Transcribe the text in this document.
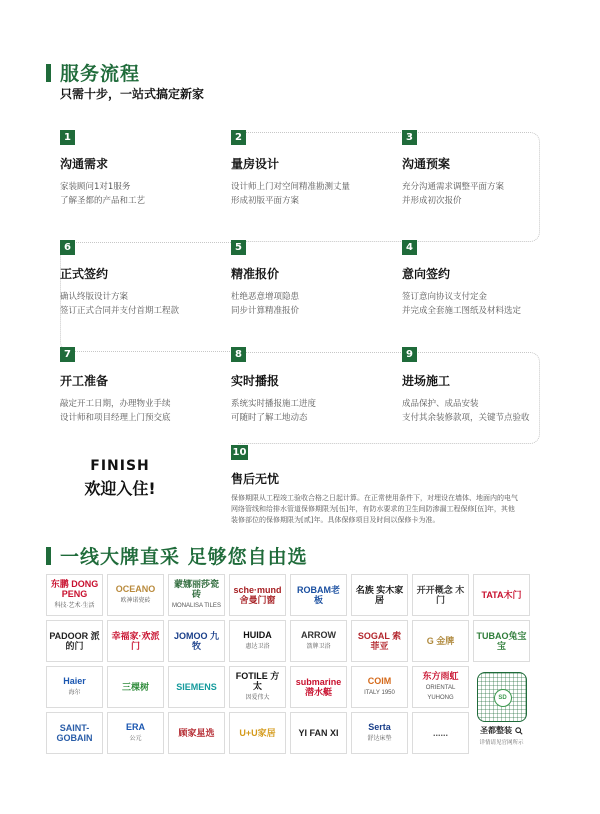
服务流程
只需十步，一站式搞定新家
1
沟通需求
家装顾问1对1服务
了解圣都的产品和工艺
2
量房设计
设计师上门对空间精准勘测丈量
形成初版平面方案
3
沟通预案
充分沟通需求调整平面方案
并形成初次报价
4
意向签约
签订意向协议支付定金
并完成全套施工图纸及材料选定
5
精准报价
杜绝恶意增项隐患
同步计算精准报价
6
正式签约
确认终版设计方案
签订正式合同并支付首期工程款
7
开工准备
敲定开工日期，办理物业手续
设计师和项目经理上门预交底
8
实时播报
系统实时播报施工进度
可随时了解工地动态
9
进场施工
成品保护、成品安装
支付其余装修款项，关键节点验收
10
售后无忧
保修期限从工程竣工验收合格之日起计算。在正常使用条件下，对埋设在墙体、地面内的电气网络管线和给排水管道保修期限为[伍]年，有防水要求的卫生间防渗漏工程保修[伍]年，其他装修部位的保修期限为[贰]年。具体保修项目及时间以保修卡为准。
FINISH
欢迎入住!
一线大牌直采 足够您自由选
东鹏 DONG PENG
科技·艺术·生活
OCEANO
欧神诺瓷砖
蒙娜丽莎瓷砖
MONALISA TILES
sche·mund 舍曼门窗
ROBAM老板
名族 实木家居
开开概念 木门	TATA木门
PADOOR 派的门
幸福家·欢派门
JOMOO 九牧
HUIDA
惠达卫浴
ARROW
箭牌卫浴
SOGAL 索菲亚	G 金牌 TUBAO兔宝宝
Haier
海尔
三棵树	SIEMENS
FOTILE 方太
因爱伟大
submarine 潜水艇
COIM
ITALY 1950
东方雨虹
ORIENTAL YUHONG
SAINT-GOBAIN
ERA
公元
顾家星选	U+U家居	YI FAN XI
Serta
舒达床垫
......
SD
圣都整装
详情请见官网所示
